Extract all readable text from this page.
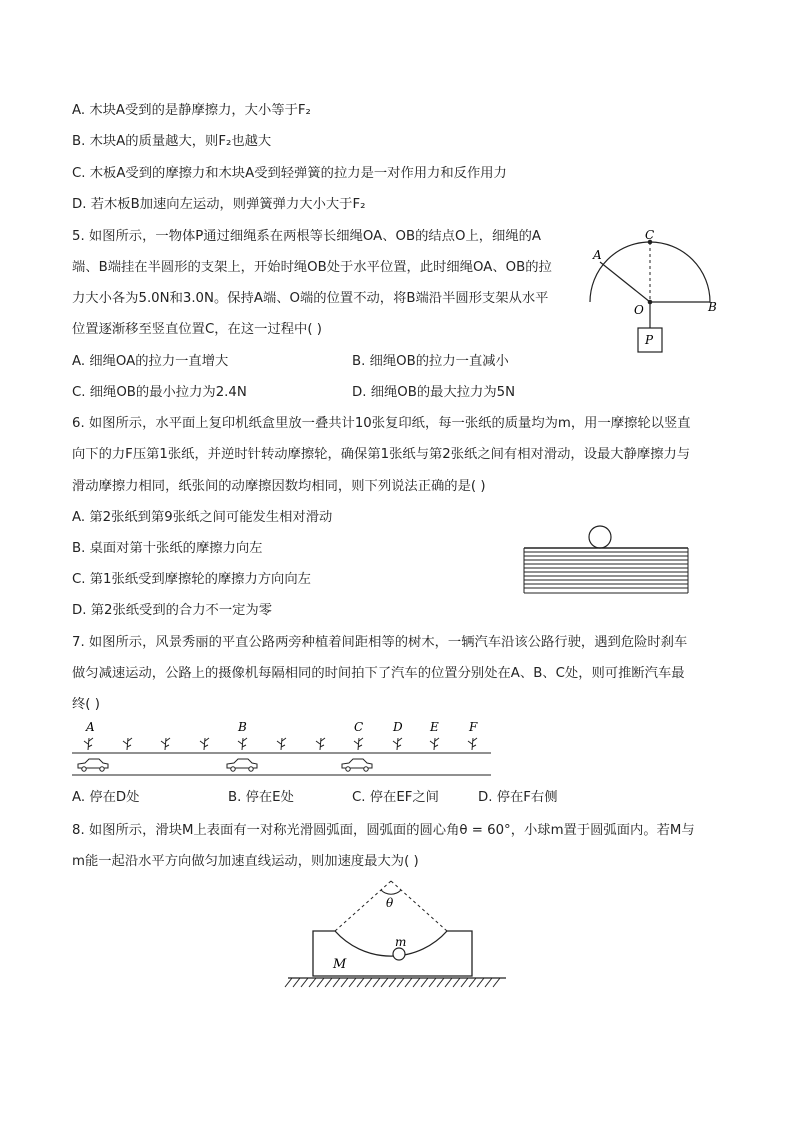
A. 木块A受到的是静摩擦力，大小等于F₂
B. 木块A的质量越大，则F₂也越大
C. 木板A受到的摩擦力和木块A受到轻弹簧的拉力是一对作用力和反作用力
D. 若木板B加速向左运动，则弹簧弹力大小大于F₂
5. 如图所示，一物体P通过细绳系在两根等长细绳OA、OB的结点O上，细绳的A
端、B端挂在半圆形的支架上，开始时绳OB处于水平位置，此时细绳OA、OB的拉
力大小各为5.0N和3.0N。保持A端、O端的位置不动，将B端沿半圆形支架从水平
位置逐渐移至竖直位置C，在这一过程中( )
A. 细绳OA的拉力一直增大	B. 细绳OB的拉力一直减小
C. 细绳OB的最小拉力为2.4N	D. 细绳OB的最大拉力为5N
A
C
O	B
P
6. 如图所示，水平面上复印机纸盒里放一叠共计10张复印纸，每一张纸的质量均为m，用一摩擦轮以竖直
向下的力F压第1张纸，并逆时针转动摩擦轮，确保第1张纸与第2张纸之间有相对滑动，设最大静摩擦力与
滑动摩擦力相同，纸张间的动摩擦因数均相同，则下列说法正确的是( )
A. 第2张纸到第9张纸之间可能发生相对滑动
B. 桌面对第十张纸的摩擦力向左
C. 第1张纸受到摩擦轮的摩擦力方向向左
D. 第2张纸受到的合力不一定为零
7. 如图所示，风景秀丽的平直公路两旁种植着间距相等的树木，一辆汽车沿该公路行驶，遇到危险时刹车
做匀减速运动，公路上的摄像机每隔相同的时间拍下了汽车的位置分别处在A、B、C处，则可推断汽车最
终( )
A	B	C D E	F
A. 停在D处	B. 停在E处	C. 停在EF之间	D. 停在F右侧
8. 如图所示，滑块M上表面有一对称光滑圆弧面，圆弧面的圆心角θ = 60°，小球m置于圆弧面内。若M与
m能一起沿水平方向做匀加速直线运动，则加速度最大为( )
θ
m
M
